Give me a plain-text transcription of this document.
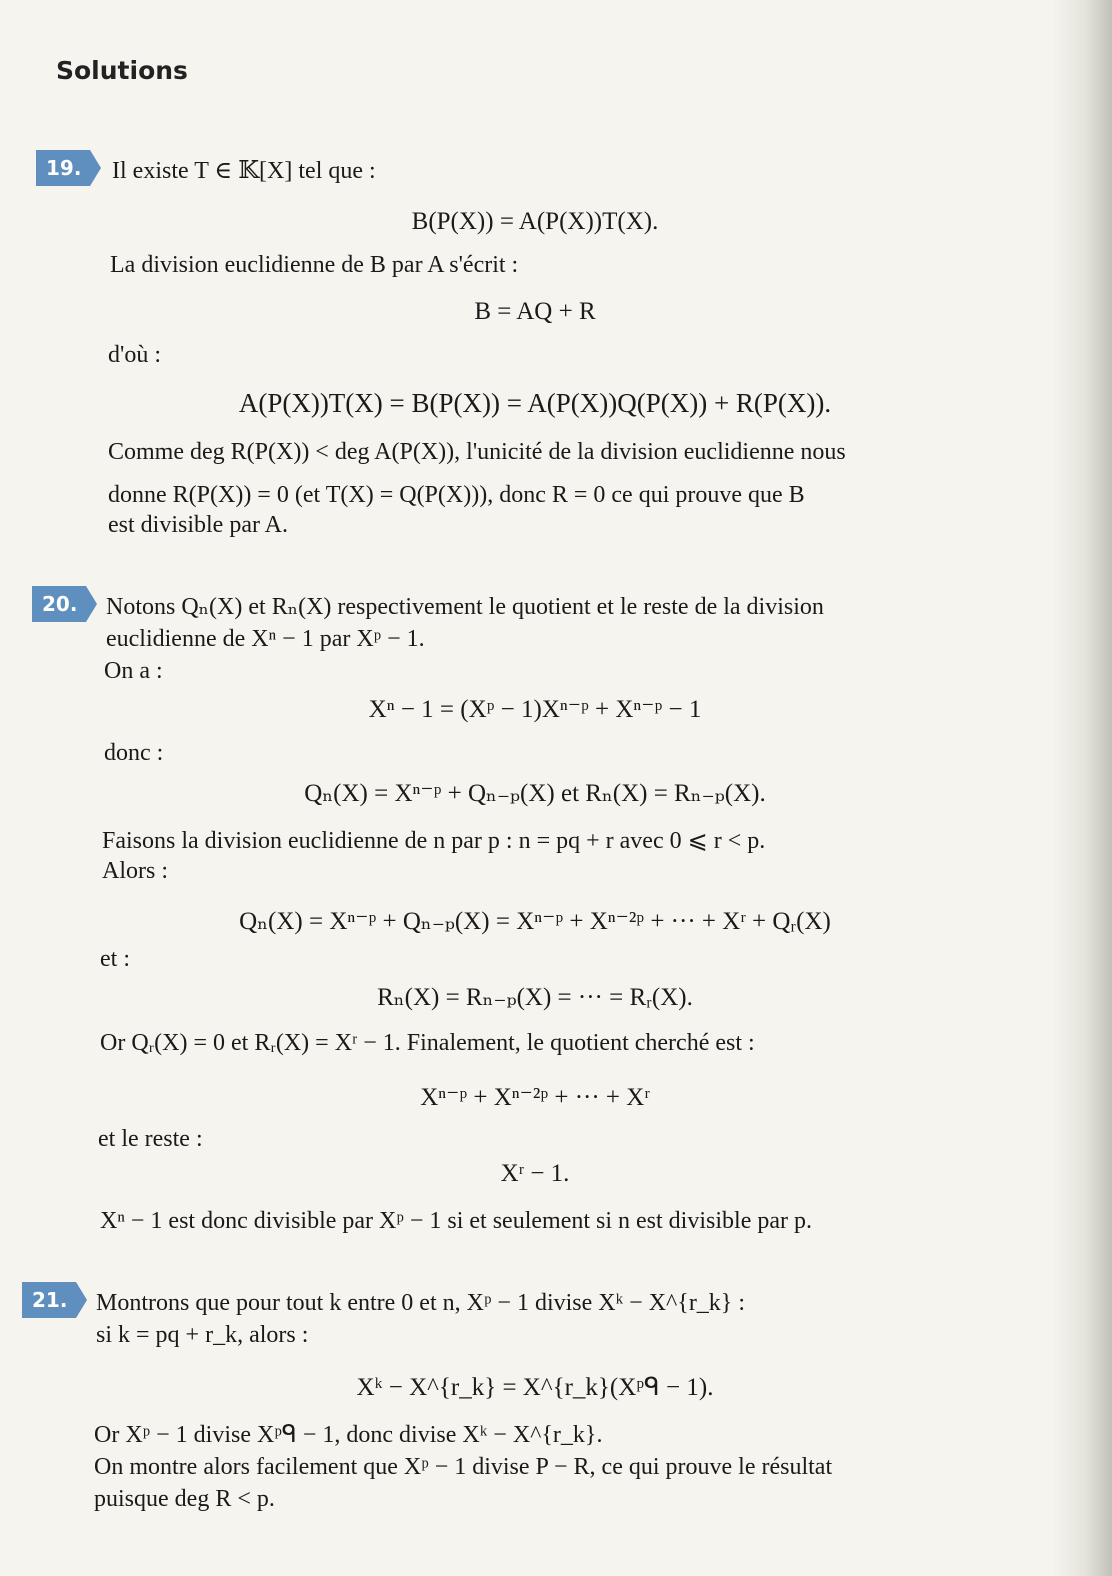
Solutions
19.	Il existe T ∈ 𝕂[X] tel que :
B(P(X)) = A(P(X))T(X).
La division euclidienne de B par A s'écrit :
B = AQ + R
d'où :
A(P(X))T(X) = B(P(X)) = A(P(X))Q(P(X)) + R(P(X)).
Comme deg R(P(X)) < deg A(P(X)), l'unicité de la division euclidienne nous
donne R(P(X)) = 0 (et T(X) = Q(P(X))), donc R = 0 ce qui prouve que B
est divisible par A.
20.	Notons Qₙ(X) et Rₙ(X) respectivement le quotient et le reste de la division
euclidienne de Xⁿ − 1 par Xᵖ − 1.
On a :
Xⁿ − 1 = (Xᵖ − 1)Xⁿ⁻ᵖ + Xⁿ⁻ᵖ − 1
donc :
Qₙ(X) = Xⁿ⁻ᵖ + Qₙ₋ₚ(X) et Rₙ(X) = Rₙ₋ₚ(X).
Faisons la division euclidienne de n par p : n = pq + r avec 0 ⩽ r < p.
Alors :
Qₙ(X) = Xⁿ⁻ᵖ + Qₙ₋ₚ(X) = Xⁿ⁻ᵖ + Xⁿ⁻²ᵖ + ··· + Xʳ + Qᵣ(X)
et :
Rₙ(X) = Rₙ₋ₚ(X) = ··· = Rᵣ(X).
Or Qᵣ(X) = 0 et Rᵣ(X) = Xʳ − 1. Finalement, le quotient cherché est :
Xⁿ⁻ᵖ + Xⁿ⁻²ᵖ + ··· + Xʳ
et le reste :
Xʳ − 1.
Xⁿ − 1 est donc divisible par Xᵖ − 1 si et seulement si n est divisible par p.
21.	Montrons que pour tout k entre 0 et n, Xᵖ − 1 divise Xᵏ − X^{r_k} :
si k = pq + r_k, alors :
Xᵏ − X^{r_k} = X^{r_k}(Xᵖᑫ − 1).
Or Xᵖ − 1 divise Xᵖᑫ − 1, donc divise Xᵏ − X^{r_k}.
On montre alors facilement que Xᵖ − 1 divise P − R, ce qui prouve le résultat
puisque deg R < p.
